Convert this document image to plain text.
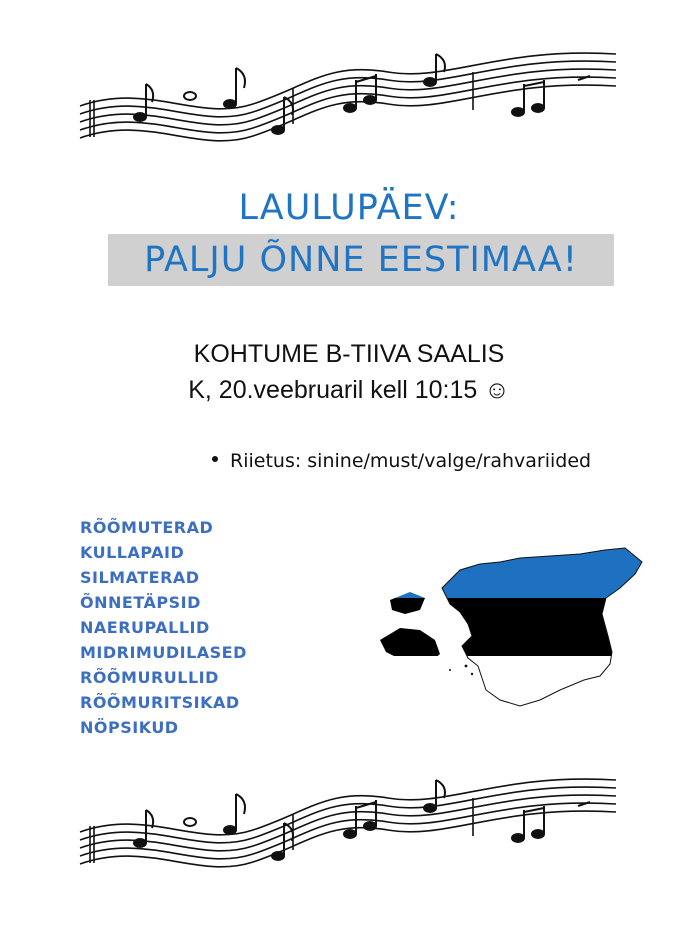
LAULUPÄEV:
PALJU ÕNNE EESTIMAA!
KOHTUME B-TIIVA SAALIS
K, 20.veebruaril kell 10:15 ☺
Riietus: sinine/must/valge/rahvariided
RÕÕMUTERAD
KULLAPAID
SILMATERAD
ÕNNETÄPSID
NAERUPALLID
MIDRIMUDILASED
RÕÕMURULLID
RÕÕMURITSIKAD
NÖPSIKUD
